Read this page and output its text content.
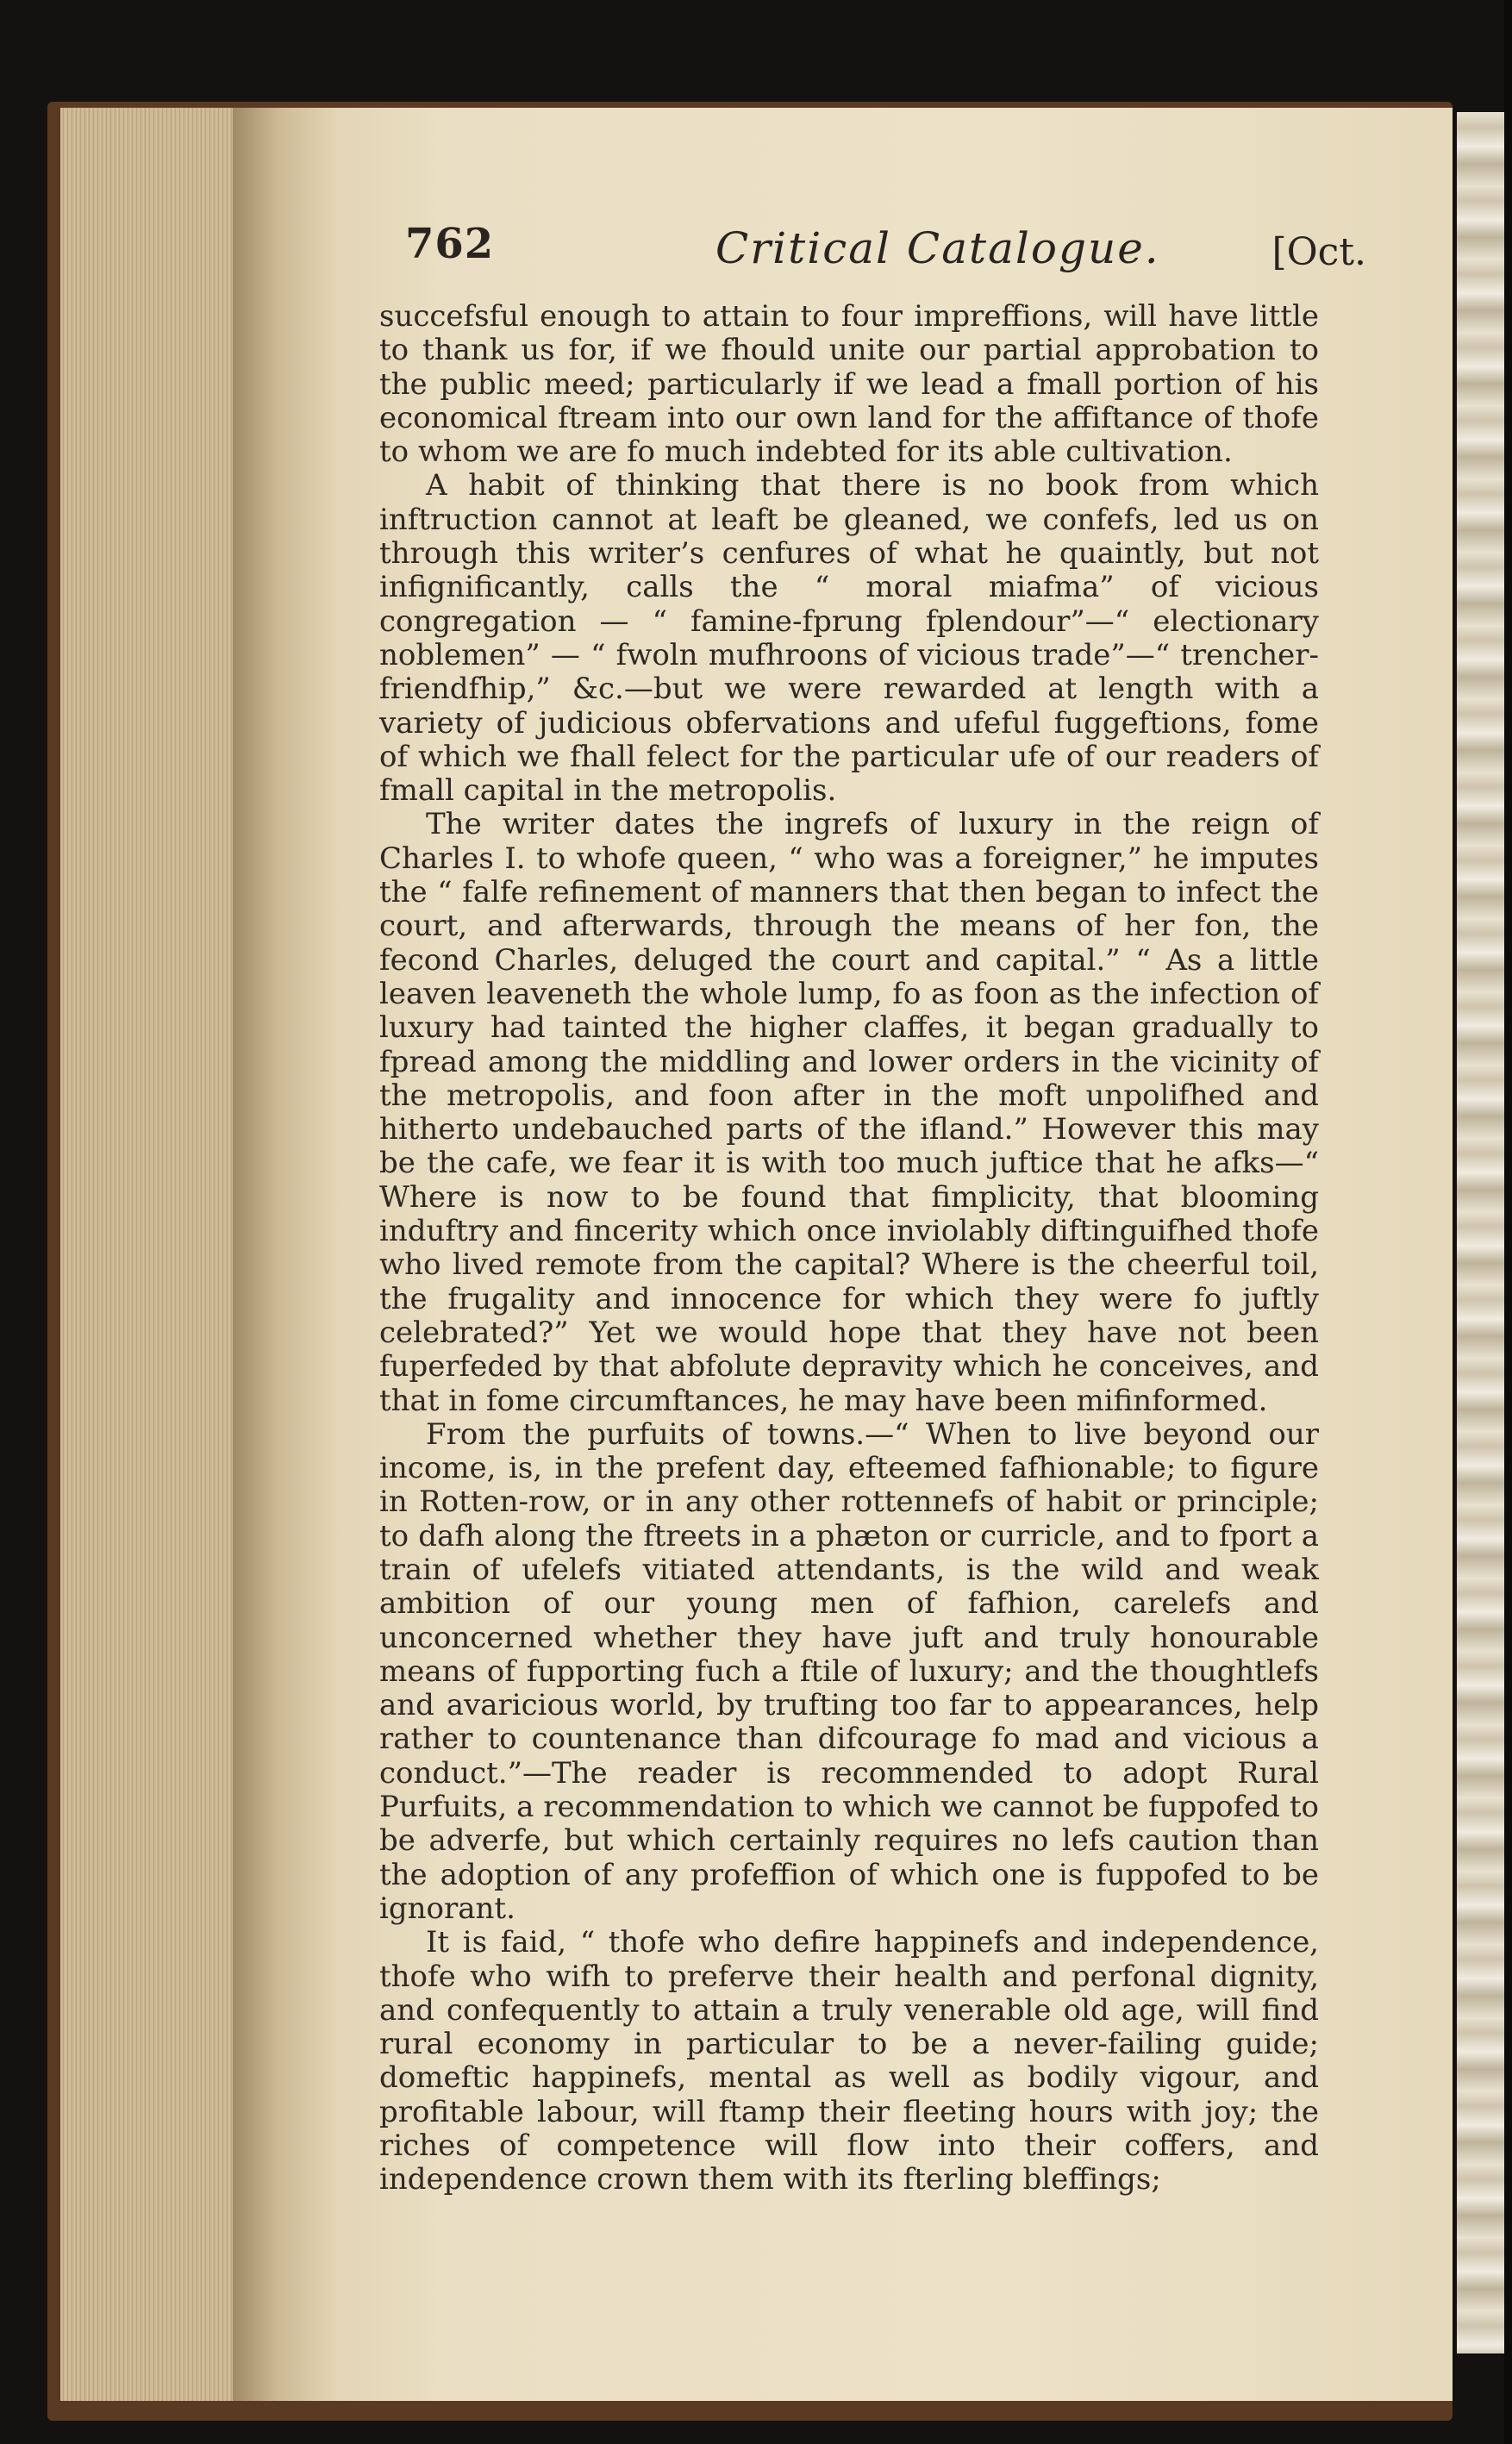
762	Critical Catalogue.	[Oct.

succefsful enough to attain to four impreffions, will have little to thank us for, if we fhould unite our partial approbation to the public meed; particularly if we lead a fmall portion of his economical ftream into our own land for the affiftance of thofe to whom we are fo much indebted for its able cultivation.

A habit of thinking that there is no book from which inftruction cannot at leaft be gleaned, we confefs, led us on through this writer’s cenfures of what he quaintly, but not infignificantly, calls the “ moral miafma” of vicious congregation — “ famine-fprung fplendour”—“ electionary noblemen” — “ fwoln mufhroons of vicious trade”—“ trencher-friendfhip,” &c.—but we were rewarded at length with a variety of judicious obfervations and ufeful fuggeftions, fome of which we fhall felect for the particular ufe of our readers of fmall capital in the metropolis.

The writer dates the ingrefs of luxury in the reign of Charles I. to whofe queen, “ who was a foreigner,” he imputes the “ falfe refinement of manners that then began to infect the court, and afterwards, through the means of her fon, the fecond Charles, deluged the court and capital.” “ As a little leaven leaveneth the whole lump, fo as foon as the infection of luxury had tainted the higher claffes, it began gradually to fpread among the middling and lower orders in the vicinity of the metropolis, and foon after in the moft unpolifhed and hitherto undebauched parts of the ifland.” However this may be the cafe, we fear it is with too much juftice that he afks—“ Where is now to be found that fimplicity, that blooming induftry and fincerity which once inviolably diftinguifhed thofe who lived remote from the capital? Where is the cheerful toil, the frugality and innocence for which they were fo juftly celebrated?” Yet we would hope that they have not been fuperfeded by that abfolute depravity which he conceives, and that in fome circumftances, he may have been mifinformed.

From the purfuits of towns.—“ When to live beyond our income, is, in the prefent day, efteemed fafhionable; to figure in Rotten-row, or in any other rottennefs of habit or principle; to dafh along the ftreets in a phæton or curricle, and to fport a train of ufelefs vitiated attendants, is the wild and weak ambition of our young men of fafhion, carelefs and unconcerned whether they have juft and truly honourable means of fupporting fuch a ftile of luxury; and the thoughtlefs and avaricious world, by trufting too far to appearances, help rather to countenance than difcourage fo mad and vicious a conduct.”—The reader is recommended to adopt Rural Purfuits, a recommendation to which we cannot be fuppofed to be adverfe, but which certainly requires no lefs caution than the adoption of any profeffion of which one is fuppofed to be ignorant.

It is faid, “ thofe who defire happinefs and independence, thofe who wifh to preferve their health and perfonal dignity, and confequently to attain a truly venerable old age, will find rural economy in particular to be a never-failing guide; domeftic happinefs, mental as well as bodily vigour, and profitable labour, will ftamp their fleeting hours with joy; the riches of competence will flow into their coffers, and independence crown them with its fterling bleffings;
